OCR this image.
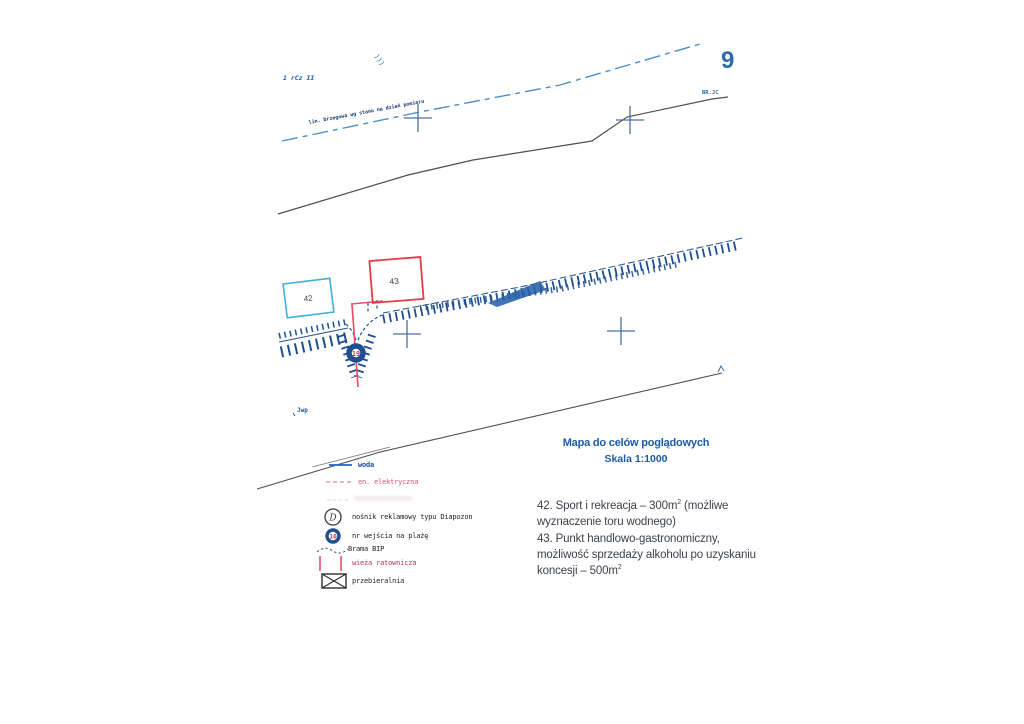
)))
1 rCz II
lin. brzegowa wg stanu na dzień pomiaru
BR.JC
9
19
42
43
Jwp
D
10
woda
en. elektryczna
nośnik reklamowy typu Diapozon
nr wejścia na plażę
Brama BIP
wieża ratownicza
przebieralnia
Mapa do celów poglądowych
Skala 1:1000
42. Sport i rekreacja – $300m^2$ (możliwe
wyznaczenie toru wodnego)
43. Punkt handlowo-gastronomiczny,
możliwość sprzedaży alkoholu po uzyskaniu
koncesji – $500m^2$
